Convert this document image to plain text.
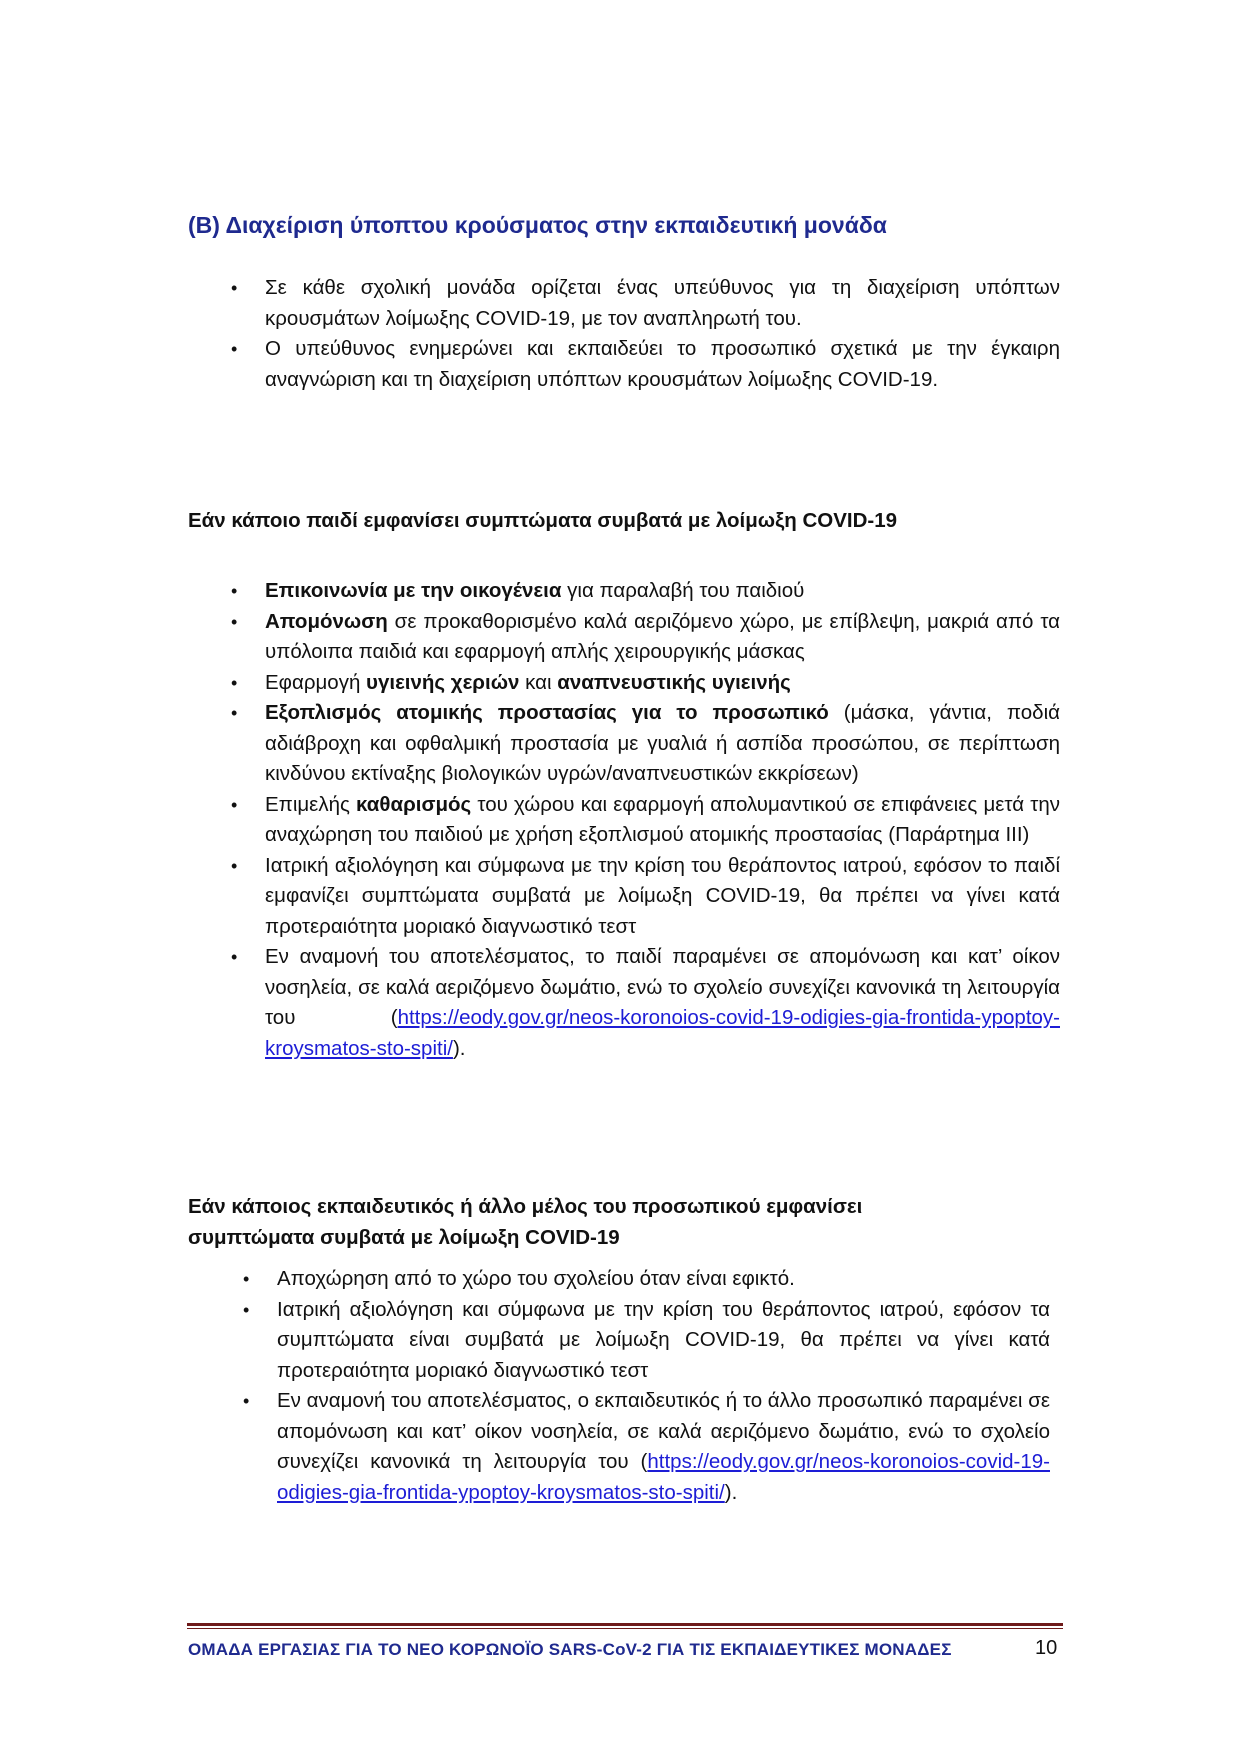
(Β) Διαχείριση ύποπτου κρούσματος στην εκπαιδευτική μονάδα
• Σε κάθε σχολική μονάδα ορίζεται ένας υπεύθυνος για τη διαχείριση υπόπτων κρουσμάτων λοίμωξης COVID-19, με τον αναπληρωτή του.
• Ο υπεύθυνος ενημερώνει και εκπαιδεύει το προσωπικό σχετικά με την έγκαιρη αναγνώριση και τη διαχείριση υπόπτων κρουσμάτων λοίμωξης COVID-19.
Εάν κάποιο παιδί εμφανίσει συμπτώματα συμβατά με λοίμωξη COVID-19
• Επικοινωνία με την οικογένεια για παραλαβή του παιδιού
• Απομόνωση σε προκαθορισμένο καλά αεριζόμενο χώρο, με επίβλεψη, μακριά από τα υπόλοιπα παιδιά και εφαρμογή απλής χειρουργικής μάσκας
• Εφαρμογή υγιεινής χεριών και αναπνευστικής υγιεινής
• Εξοπλισμός ατομικής προστασίας για το προσωπικό (μάσκα, γάντια, ποδιά αδιάβροχη και οφθαλμική προστασία με γυαλιά ή ασπίδα προσώπου, σε περίπτωση κινδύνου εκτίναξης βιολογικών υγρών/αναπνευστικών εκκρίσεων)
• Επιμελής καθαρισμός του χώρου και εφαρμογή απολυμαντικού σε επιφάνειες μετά την αναχώρηση του παιδιού με χρήση εξοπλισμού ατομικής προστασίας (Παράρτημα ΙΙΙ)
• Ιατρική αξιολόγηση και σύμφωνα με την κρίση του θεράποντος ιατρού, εφόσον το παιδί εμφανίζει συμπτώματα συμβατά με λοίμωξη COVID-19, θα πρέπει να γίνει κατά προτεραιότητα μοριακό διαγνωστικό τεστ
• Εν αναμονή του αποτελέσματος, το παιδί παραμένει σε απομόνωση και κατ’ οίκον νοσηλεία, σε καλά αεριζόμενο δωμάτιο, ενώ το σχολείο συνεχίζει κανονικά τη λειτουργία του (https://eody.gov.gr/neos-koronoios-covid-19-odigies-gia-frontida-ypoptoy-kroysmatos-sto-spiti/).
Εάν κάποιος εκπαιδευτικός ή άλλο μέλος του προσωπικού εμφανίσει συμπτώματα συμβατά με λοίμωξη COVID-19
• Αποχώρηση από το χώρο του σχολείου όταν είναι εφικτό.
• Ιατρική αξιολόγηση και σύμφωνα με την κρίση του θεράποντος ιατρού, εφόσον τα συμπτώματα είναι συμβατά με λοίμωξη COVID-19, θα πρέπει να γίνει κατά προτεραιότητα μοριακό διαγνωστικό τεστ
• Εν αναμονή του αποτελέσματος, ο εκπαιδευτικός ή το άλλο προσωπικό παραμένει σε απομόνωση και κατ’ οίκον νοσηλεία, σε καλά αεριζόμενο δωμάτιο, ενώ το σχολείο συνεχίζει κανονικά τη λειτουργία του (https://eody.gov.gr/neos-koronoios-covid-19-odigies-gia-frontida-ypoptoy-kroysmatos-sto-spiti/).
ΟΜΑΔΑ ΕΡΓΑΣΙΑΣ ΓΙΑ ΤΟ ΝΕΟ ΚΟΡΩΝΟΪΟ SARS-CoV-2 ΓΙΑ ΤΙΣ ΕΚΠΑΙΔΕΥΤΙΚΕΣ ΜΟΝΑΔΕΣ	10
